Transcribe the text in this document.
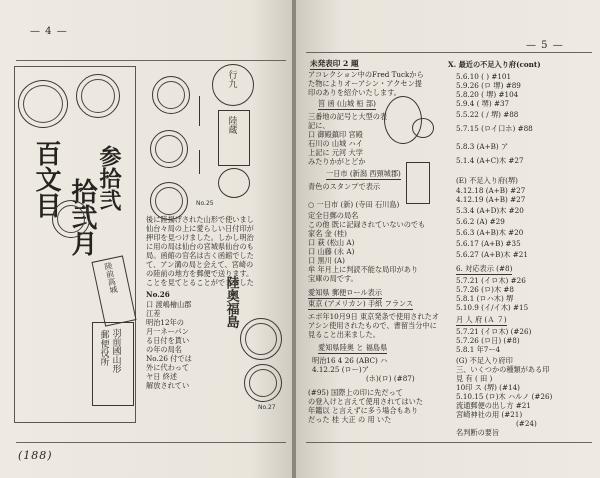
— 4 —
百文目 拾弐月 参拾弐
陸前高城
羽前國山形
郵便役所
No.25
行九
陸蔵
後に陸揚げされた山形で使いまし
仙台々局の上に愛らしい日付印が
押印を見つけました。しかし明治
に用の局は仙台の宮城県仙台のも
局。函館の官名は古く函館でした
て、アン溝の局と会えて、宮崎の
の陸前の地方を郵便で送ります。
ことを見てとることができました
No.26
口 渡嶋檜山郡
江差
明治12年の
月一ネーパン
る日付を貰い
の年の局名
No.26 付では
外に代わって
ヤ日 終述
解放されてい
陸奥福島
No.27
(188)
— 5 —
未発表印 2 題
アコレクション中のFred Tuckから
た物によりオーアシン・アクセン提
印のありを紹介いたします。
筥 函 (山城 桓 部)
三番地の記号と大型の表
記に、
口 御殿鎮印 宮殿
石川の 山城 ハイ
上記に 元河 大学
みたりかがとどか
一日市 (新潟 西頸城郡)
青色のスタンプで表示
○ 一日市 (新) (寺田 石川島)
定全日郵の局名
この他 既に記録されていないのでも
家名 金 (桂)
口 萩 (松山 A)
口 山藤 (永 A)
口 黒川 (A)
牟 年月上に判読不能な局印があり
宝庫の局です。
愛知県 郵便ロール表示
東京 (アメリカン) 手紙 フランス
エボ年10月9日 東京発条で使用されたオ
アシン使用されたもので、書留当分中に
見ること出来ました。
愛知県陸奥 と 福島県
明治16 4 26 (ABC) ハ
4.12.25 (ロー)ア
(ホ)(ロ) (#87)
(#95) 国際上の印に先だって
の登入けと言えて使用されてはいた
年鑑以 と言えずに多う場合もあり
だった 桂 大正 の 用 いた
X. 最近の不足入り府(cont)
5.6.10 ( ) #101
5.9.26 (ロ 堺) #89
5.8.20 ( 堺) #104
5.9.4 ( 堺) #37
5.5.22 ( / 堺) #88
5.7.15 (ロイ口ホ) #88
5.8.3 (A+B) ア
5.1.4 (A+C)木 #27
(E) 不足入り府(堺)
4.12.18 (A+B) #27
4.12.19 (A+B) #27
5.3.4 (A+D)木 #20
5.6.2 (A) #29
5.6.3 (A+B)木 #20
5.6.17 (A+B) #35
5.6.27 (A+B)木 #21
6. 対応表示 (#8)
5.7.21 (イロ木) #26
5.7.26 (ロ)木 #8
5.8.1 (ロハ木) 堺
5.10.9 (イ/イ木) #15
月 人 府 (Ａ ７)
5.7.21 (イロ木) (#26)
5.7.26 (ロ日) (#8)
5.8.1 年7ー4
(G) 不足入り府印
三、いくつかの種類がある印
見 有 ( 田 )
10印 ス (堺) (#14)
5.10.15 (ロ)木 ハルノ (#26)
流通郵便の出し方 #21
宮崎神社の用 (#21)
(#24)
名判断の要旨
